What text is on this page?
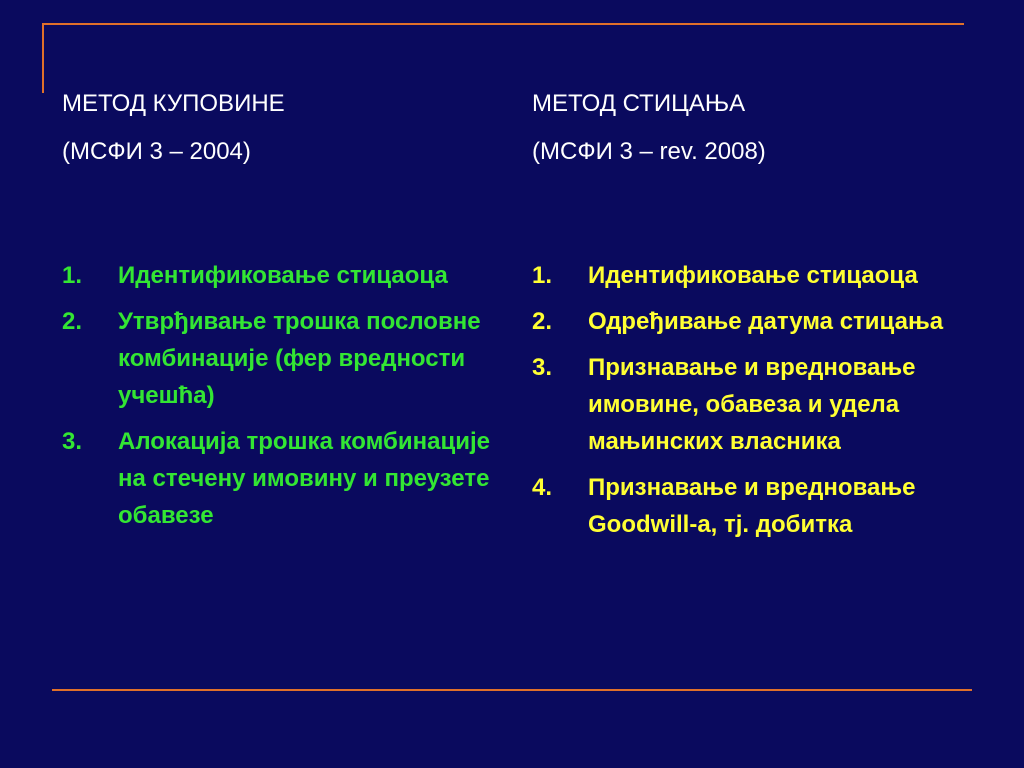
МЕТОД КУПОВИНЕ

(МСФИ 3 – 2004)

1.	Идентификовање стицаоца
2.	Утврђивање трошка пословне комбинације (фер вредности учешћа)
3.	Алокација трошка комбинације на стечену имовину и преузете обавезе

МЕТОД СТИЦАЊА

(МСФИ 3 – rev. 2008)

1.	Идентификовање стицаоца
2.	Одређивање датума стицања
3.	Признавање и вредновање имовине, обавеза и удела мањинских власника
4.	Признавање и вредновање Goodwill-а, тј. добитка
